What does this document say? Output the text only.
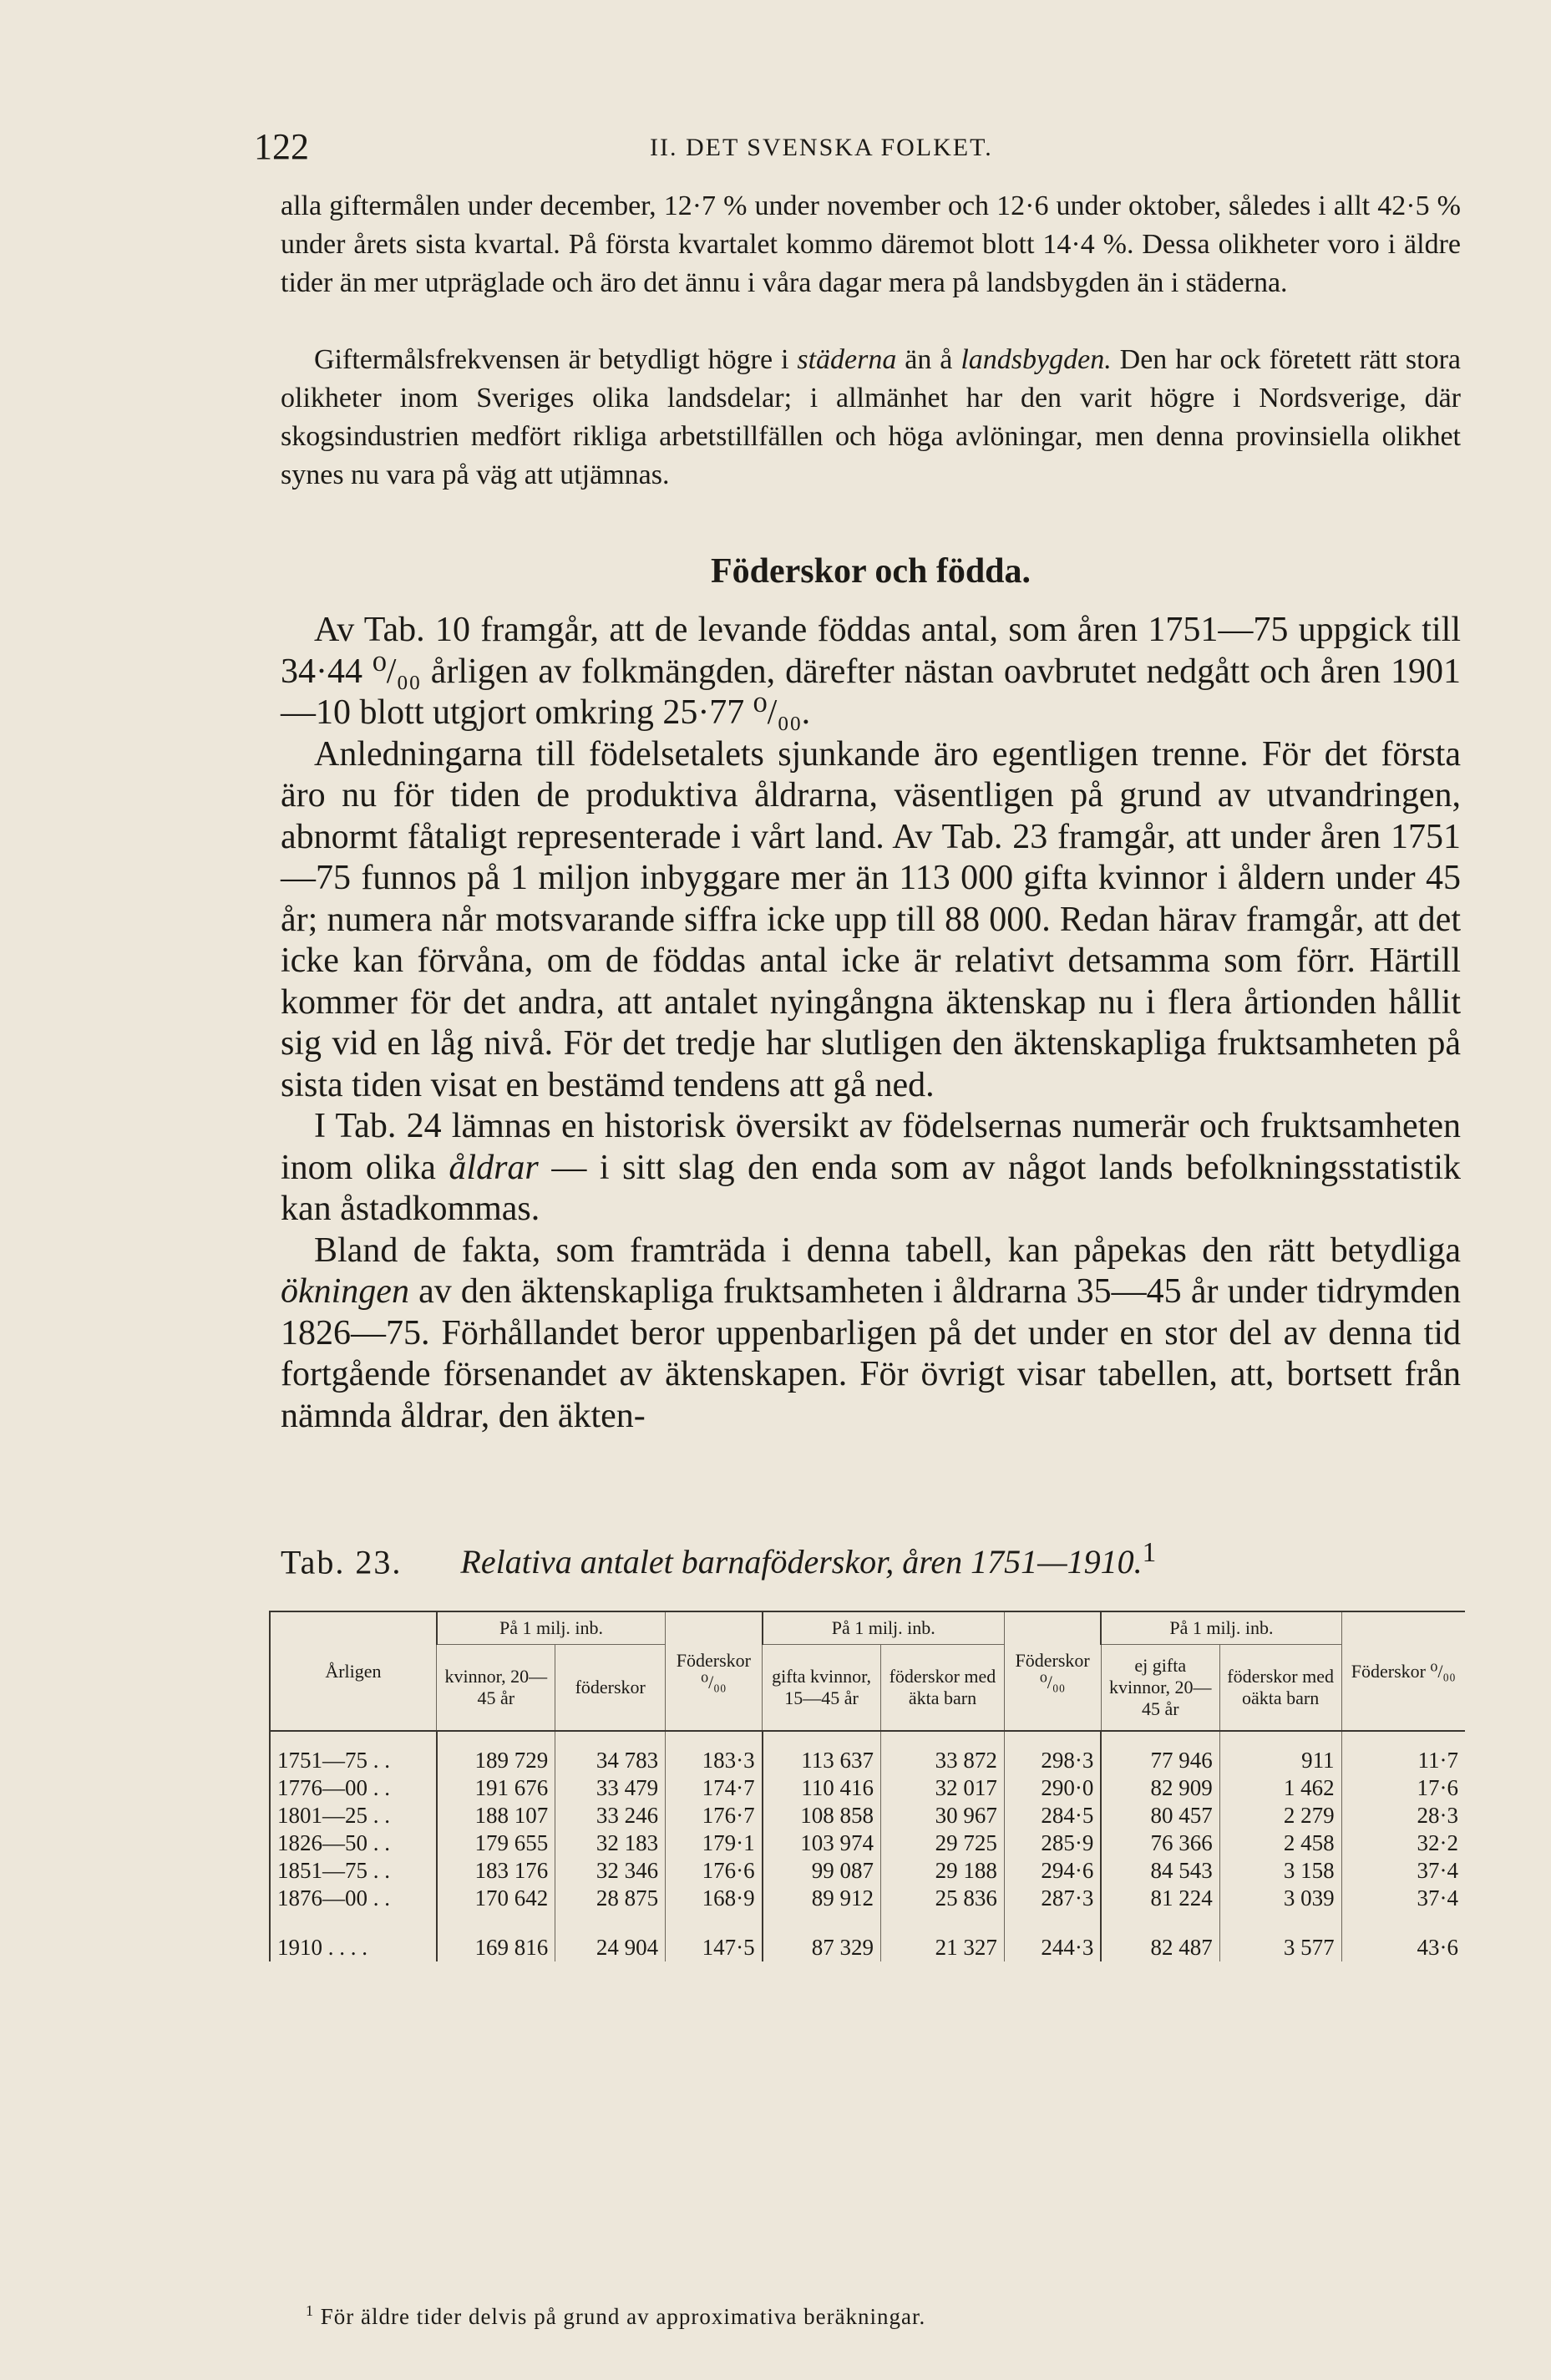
122	II. DET SVENSKA FOLKET.

alla giftermålen under december, 12·7 % under november och 12·6 under oktober, således i allt 42·5 % under årets sista kvartal. På första kvartalet kommo däremot blott 14·4 %. Dessa olikheter voro i äldre tider än mer utpräglade och äro det ännu i våra dagar mera på landsbygden än i städerna.

Giftermålsfrekvensen är betydligt högre i städerna än å landsbygden. Den har ock företett rätt stora olikheter inom Sveriges olika landsdelar; i allmänhet har den varit högre i Nordsverige, där skogsindustrien medfört rikliga arbetstillfällen och höga avlöningar, men denna provinsiella olikhet synes nu vara på väg att utjämnas.

Föderskor och födda.

Av Tab. 10 framgår, att de levande föddas antal, som åren 1751—75 uppgick till 34·44 ⁰/₀₀ årligen av folkmängden, därefter nästan oavbrutet nedgått och åren 1901—10 blott utgjort omkring 25·77 ⁰/₀₀.

Anledningarna till födelsetalets sjunkande äro egentligen trenne. För det första äro nu för tiden de produktiva åldrarna, väsentligen på grund av utvandringen, abnormt fåtaligt representerade i vårt land. Av Tab. 23 framgår, att under åren 1751—75 funnos på 1 miljon inbyggare mer än 113 000 gifta kvinnor i åldern under 45 år; numera når motsvarande siffra icke upp till 88 000. Redan härav framgår, att det icke kan förvåna, om de föddas antal icke är relativt detsamma som förr. Härtill kommer för det andra, att antalet nyingångna äktenskap nu i flera årtionden hållit sig vid en låg nivå. För det tredje har slutligen den äktenskapliga fruktsamheten på sista tiden visat en bestämd tendens att gå ned.

I Tab. 24 lämnas en historisk översikt av födelsernas numerär och fruktsamheten inom olika åldrar — i sitt slag den enda som av något lands befolkningsstatistik kan åstadkommas.

Bland de fakta, som framträda i denna tabell, kan påpekas den rätt betydliga ökningen av den äktenskapliga fruktsamheten i åldrarna 35—45 år under tidrymden 1826—75. Förhållandet beror uppenbarligen på det under en stor del av denna tid fortgående försenandet av äktenskapen. För övrigt visar tabellen, att, bortsett från nämnda åldrar, den äkten-

Tab. 23. Relativa antalet barnaföderskor, åren 1751—1910.$^1$

Årligen	På 1 milj. inb.		Föderskor ⁰/₀₀	På 1 milj. inb.		Föderskor ⁰/₀₀	På 1 milj. inb.		Föderskor ⁰/₀₀
	kvinnor, 20—45 år	föderskor		gifta kvinnor, 15—45 år	föderskor med äkta barn		ej gifta kvinnor, 20—45 år	föderskor med oäkta barn	
1751—75 . .	189 729	34 783	183·3	113 637	33 872	298·3	77 946	911	11·7
1776—00 . .	191 676	33 479	174·7	110 416	32 017	290·0	82 909	1 462	17·6
1801—25 . .	188 107	33 246	176·7	108 858	30 967	284·5	80 457	2 279	28·3
1826—50 . .	179 655	32 183	179·1	103 974	29 725	285·9	76 366	2 458	32·2
1851—75 . .	183 176	32 346	176·6	99 087	29 188	294·6	84 543	3 158	37·4
1876—00 . .	170 642	28 875	168·9	89 912	25 836	287·3	81 224	3 039	37·4

1910 . . . .	169 816	24 904	147·5	87 329	21 327	244·3	82 487	3 577	43·6

$^1$ För äldre tider delvis på grund av approximativa beräkningar.
